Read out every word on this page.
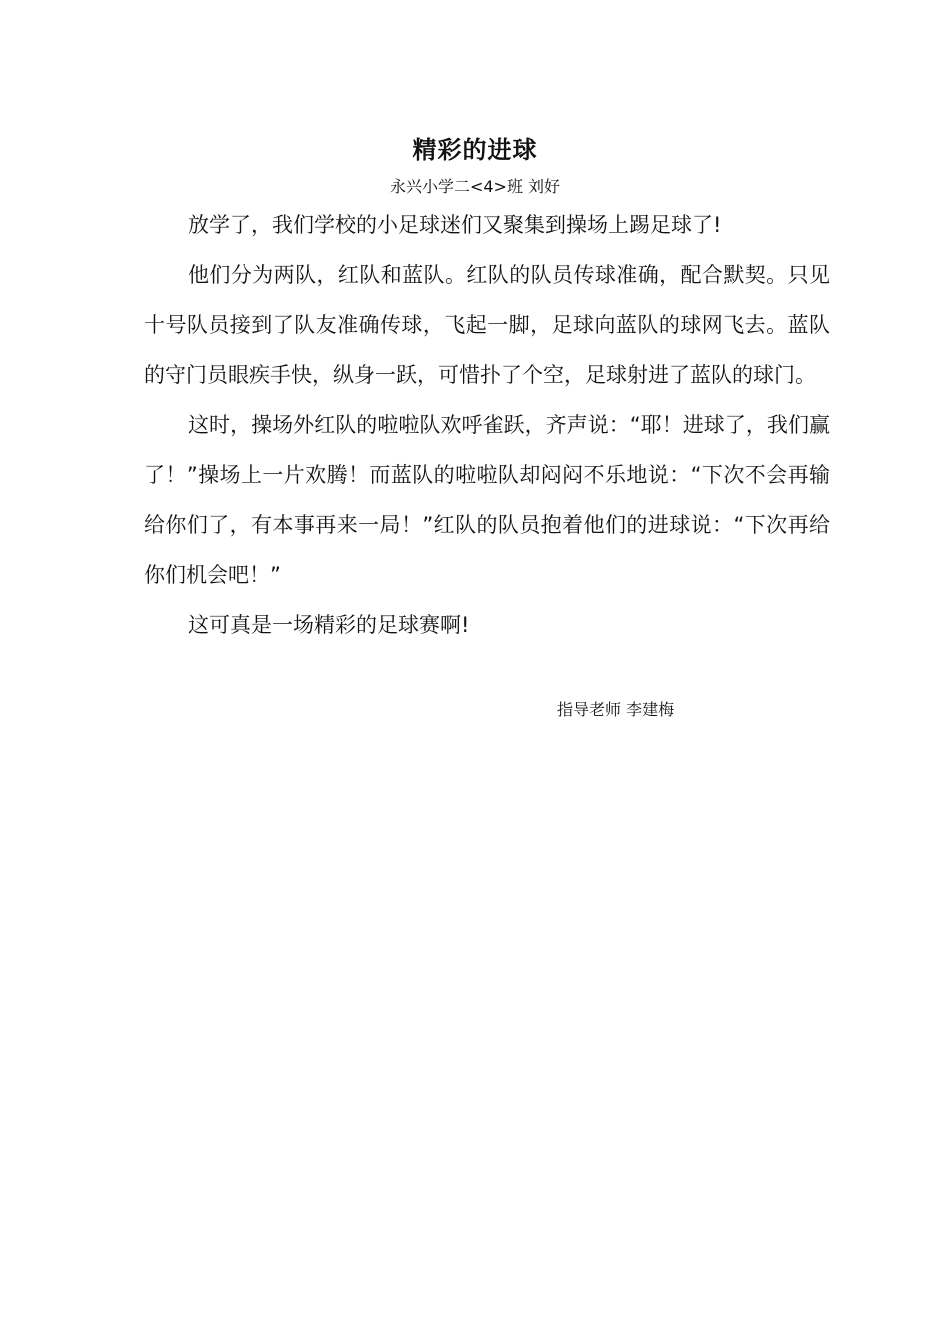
精彩的进球
永兴小学二<4>班 刘好

放学了，我们学校的小足球迷们又聚集到操场上踢足球了!

他们分为两队，红队和蓝队。红队的队员传球准确，配合默契。只见十号队员接到了队友准确传球，飞起一脚，足球向蓝队的球网飞去。蓝队的守门员眼疾手快，纵身一跃，可惜扑了个空，足球射进了蓝队的球门。

这时，操场外红队的啦啦队欢呼雀跃，齐声说：“耶！进球了，我们赢了！”操场上一片欢腾！而蓝队的啦啦队却闷闷不乐地说：“下次不会再输给你们了，有本事再来一局！”红队的队员抱着他们的进球说：“下次再给你们机会吧！”

这可真是一场精彩的足球赛啊!

指导老师 李建梅
